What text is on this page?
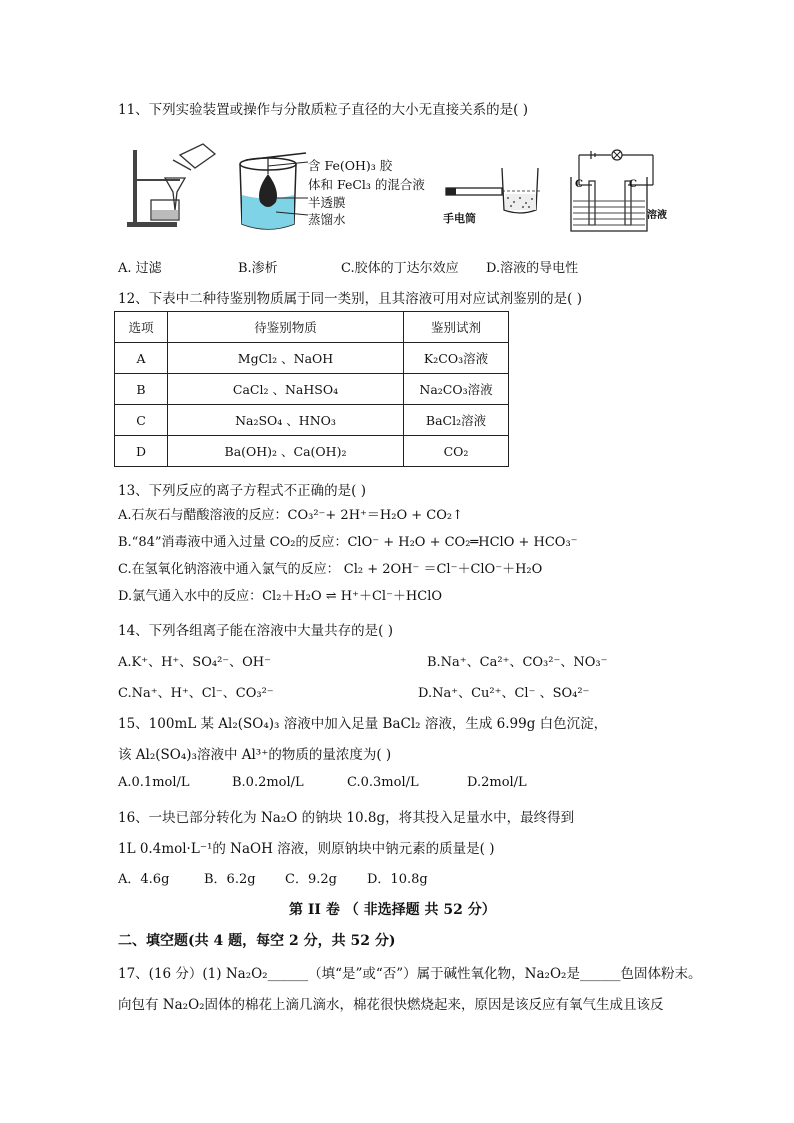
11、下列实验装置或操作与分散质粒子直径的大小无直接关系的是( )
含 Fe(OH)₃ 胶
体和 FeCl₃ 的混合液
半透膜
蒸馏水	手电筒
C	C
溶液
A. 过滤	B.渗析	C.胶体的丁达尔效应 D.溶液的导电性
12、下表中二种待鉴别物质属于同一类别，且其溶液可用对应试剂鉴别的是( )
选项	待鉴别物质	鉴别试剂
A	MgCl₂ 、NaOH	K₂CO₃溶液
B	CaCl₂ 、NaHSO₄	Na₂CO₃溶液
C	Na₂SO₄ 、HNO₃	BaCl₂溶液
D	Ba(OH)₂ 、Ca(OH)₂	CO₂
13、下列反应的离子方程式不正确的是( )
A.石灰石与醋酸溶液的反应：CO₃²⁻+ 2H⁺＝H₂O + CO₂↑
B.“84”消毒液中通入过量 CO₂的反应：ClO⁻ + H₂O + CO₂═HClO + HCO₃⁻
C.在氢氧化钠溶液中通入氯气的反应： Cl₂ + 2OH⁻ ＝Cl⁻＋ClO⁻＋H₂O
D.氯气通入水中的反应：Cl₂＋H₂O ⇌ H⁺＋Cl⁻＋HClO
14、下列各组离子能在溶液中大量共存的是( )
A.K⁺、H⁺、SO₄²⁻、OH⁻	B.Na⁺、Ca²⁺、CO₃²⁻、NO₃⁻
C.Na⁺、H⁺、Cl⁻、CO₃²⁻	D.Na⁺、Cu²⁺、Cl⁻ 、SO₄²⁻
15、100mL 某 Al₂(SO₄)₃ 溶液中加入足量 BaCl₂ 溶液，生成 6.99g 白色沉淀，
该 Al₂(SO₄)₃溶液中 Al³⁺的物质的量浓度为( )
A.0.1mol/L	B.0.2mol/L	C.0.3mol/L	D.2mol/L
16、一块已部分转化为 Na₂O 的钠块 10.8g，将其投入足量水中，最终得到
1L 0.4mol·L⁻¹的 NaOH 溶液，则原钠块中钠元素的质量是( )
A．4.6g	B．6.2g C．9.2g D．10.8g
第 II 卷 （ 非选择题 共 52 分）
二、填空题(共 4 题，每空 2 分，共 52 分)
17、(16 分）(1) Na₂O₂______（填“是”或“否”）属于碱性氧化物，Na₂O₂是______色固体粉末。
向包有 Na₂O₂固体的棉花上滴几滴水，棉花很快燃烧起来，原因是该反应有氧气生成且该反
